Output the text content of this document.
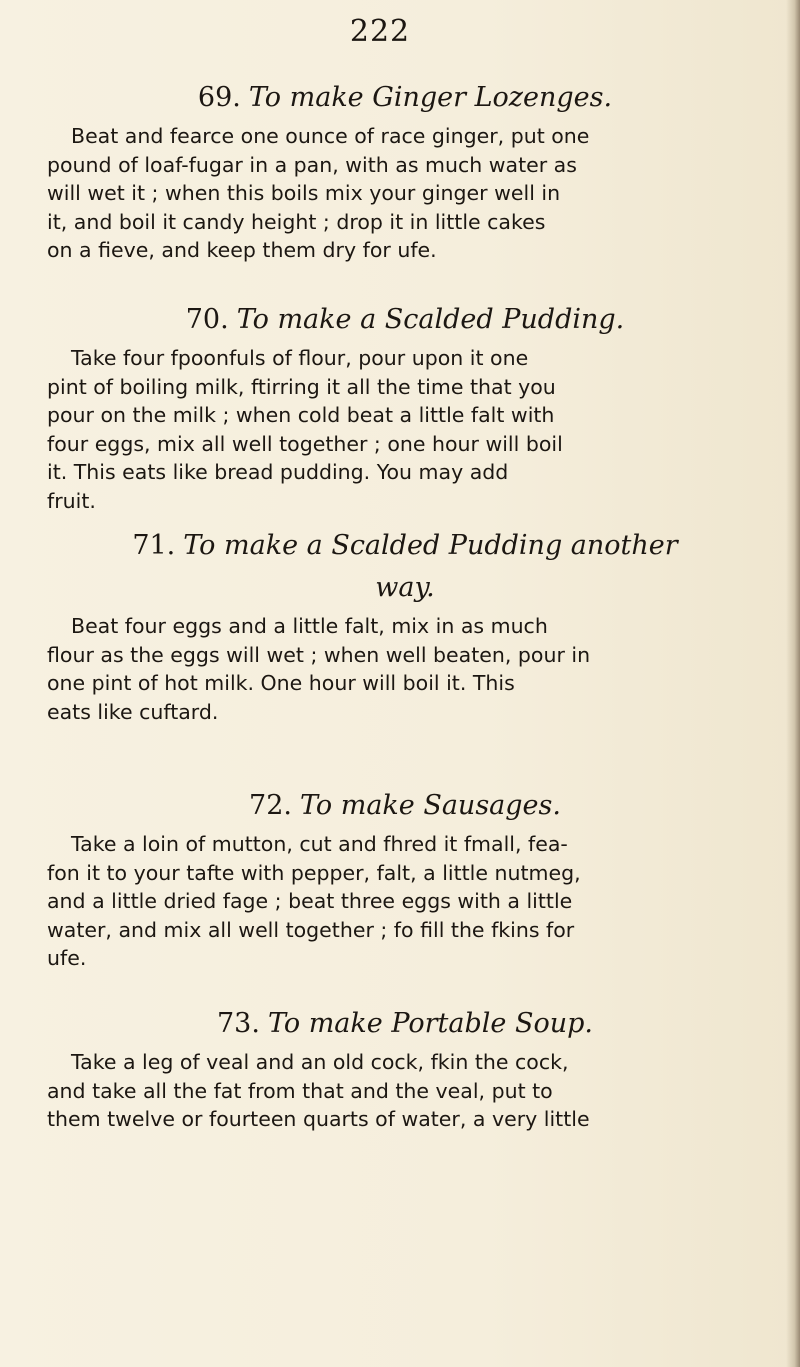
222
69. To make Ginger Lozenges.
Beat and fearce one ounce of race ginger, put one
pound of loaf-fugar in a pan, with as much water as
will wet it ; when this boils mix your ginger well in
it, and boil it candy height ; drop it in little cakes
on a fieve, and keep them dry for ufe.
70. To make a Scalded Pudding.
Take four fpoonfuls of flour, pour upon it one
pint of boiling milk, ftirring it all the time that you
pour on the milk ; when cold beat a little falt with
four eggs, mix all well together ; one hour will boil
it. This eats like bread pudding. You may add
fruit.
71. To make a Scalded Pudding another
way.
Beat four eggs and a little falt, mix in as much
flour as the eggs will wet ; when well beaten, pour in
one pint of hot milk. One hour will boil it. This
eats like cuftard.
72. To make Sausages.
Take a loin of mutton, cut and fhred it fmall, fea-
fon it to your tafte with pepper, falt, a little nutmeg,
and a little dried fage ; beat three eggs with a little
water, and mix all well together ; fo fill the fkins for
ufe.
73. To make Portable Soup.
Take a leg of veal and an old cock, fkin the cock,
and take all the fat from that and the veal, put to
them twelve or fourteen quarts of water, a very little
